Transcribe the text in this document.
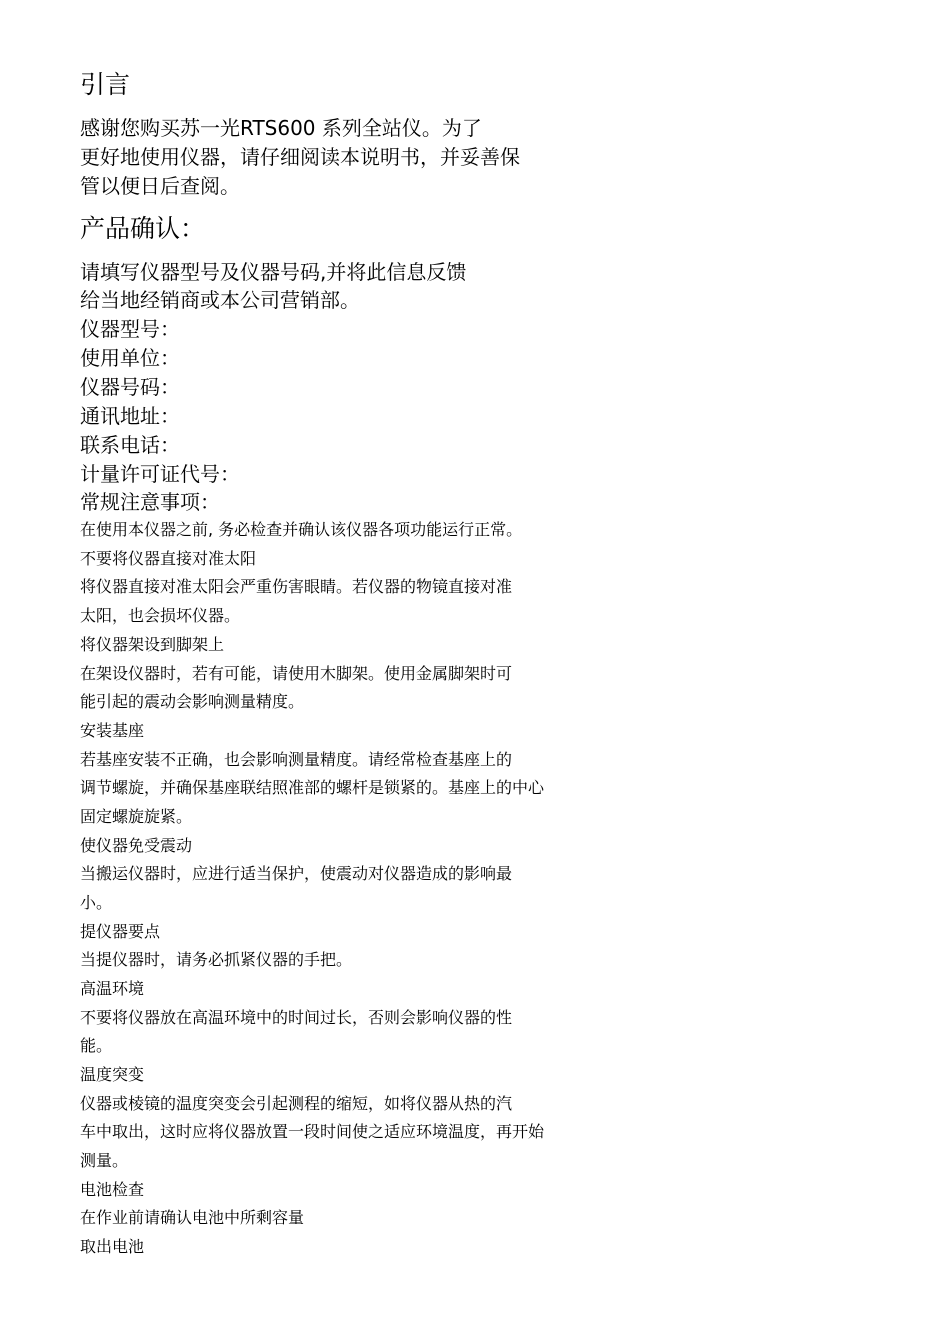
引言
感谢您购买苏一光RTS600 系列全站仪。为了
更好地使用仪器，请仔细阅读本说明书，并妥善保
管以便日后查阅。
产品确认：
请填写仪器型号及仪器号码,并将此信息反馈
给当地经销商或本公司营销部。
仪器型号：
使用单位：
仪器号码：
通讯地址：
联系电话：
计量许可证代号：
常规注意事项：
在使用本仪器之前, 务必检查并确认该仪器各项功能运行正常。
不要将仪器直接对准太阳
将仪器直接对准太阳会严重伤害眼睛。若仪器的物镜直接对准
太阳，也会损坏仪器。
将仪器架设到脚架上
在架设仪器时，若有可能，请使用木脚架。使用金属脚架时可
能引起的震动会影响测量精度。
安装基座
若基座安装不正确，也会影响测量精度。请经常检查基座上的
调节螺旋，并确保基座联结照准部的螺杆是锁紧的。基座上的中心
固定螺旋旋紧。
使仪器免受震动
当搬运仪器时，应进行适当保护，使震动对仪器造成的影响最
小。
提仪器要点
当提仪器时，请务必抓紧仪器的手把。
高温环境
不要将仪器放在高温环境中的时间过长，否则会影响仪器的性
能。
温度突变
仪器或棱镜的温度突变会引起测程的缩短，如将仪器从热的汽
车中取出，这时应将仪器放置一段时间使之适应环境温度，再开始
测量。
电池检查
在作业前请确认电池中所剩容量
取出电池
